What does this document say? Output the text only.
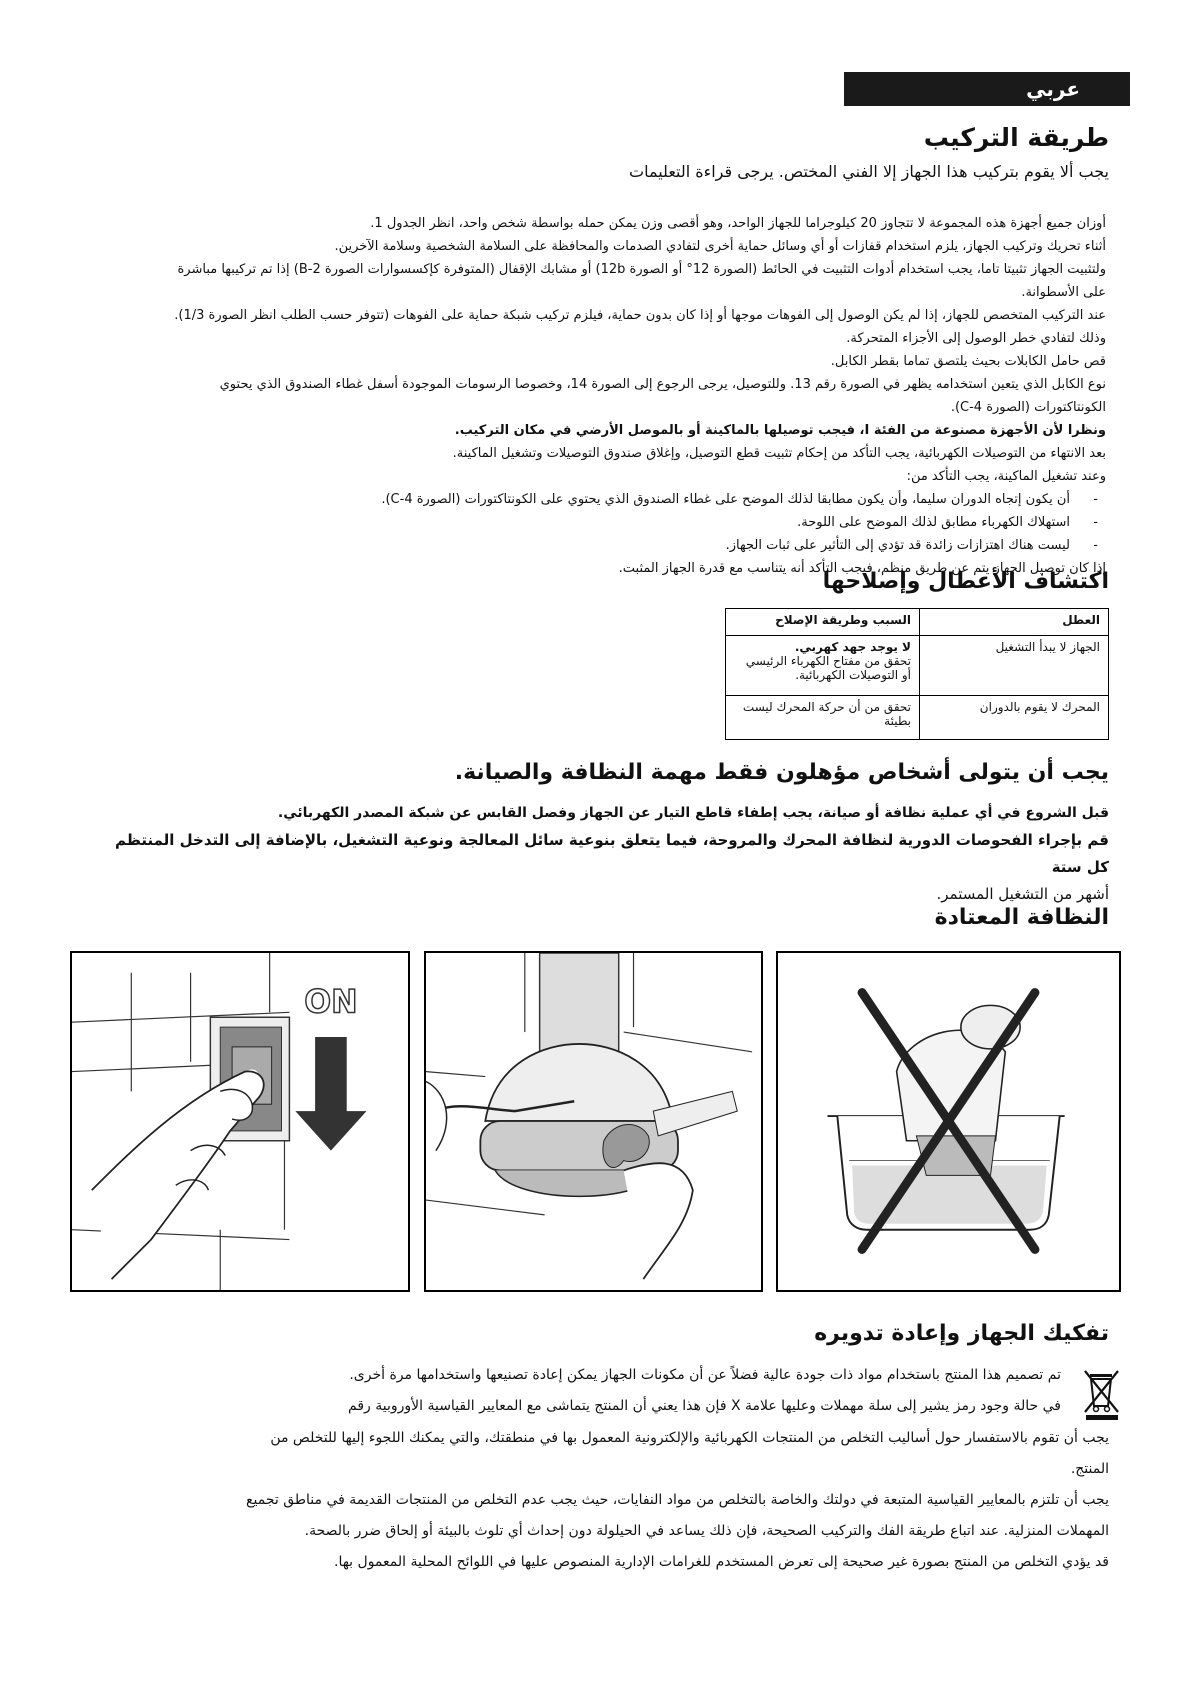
عربي
طريقة التركيب
يجب ألا يقوم بتركيب هذا الجهاز إلا الفني المختص. يرجى قراءة التعليمات
أوزان جميع أجهزة هذه المجموعة لا تتجاوز 20 كيلوجراما للجهاز الواحد، وهو أقصى وزن يمكن حمله بواسطة شخص واحد، انظر الجدول 1.
أثناء تحريك وتركيب الجهاز، يلزم استخدام قفازات أو أي وسائل حماية أخرى لتفادي الصدمات والمحافظة على السلامة الشخصية وسلامة الآخرين.
ولتثبيت الجهاز تثبيتا تاما، يجب استخدام أدوات التثبيت في الحائط (الصورة 12° أو الصورة 12b) أو مشابك الإقفال (المتوفرة كإكسسوارات الصورة B-2) إذا تم تركيبها مباشرة
على الأسطوانة.
عند التركيب المتخصص للجهاز، إذا لم يكن الوصول إلى الفوهات موجها أو إذا كان بدون حماية، فيلزم تركيب شبكة حماية على الفوهات (تتوفر حسب الطلب انظر الصورة 1/3).
وذلك لتفادي خطر الوصول إلى الأجزاء المتحركة.
قص حامل الكابلات بحيث يلتصق تماما بقطر الكابل.
نوع الكابل الذي يتعين استخدامه يظهر في الصورة رقم 13. وللتوصيل، يرجى الرجوع إلى الصورة 14، وخصوصا الرسومات الموجودة أسفل غطاء الصندوق الذي يحتوي
الكونتاكتورات (الصورة C-4).
ونظرا لأن الأجهزة مصنوعة من الفئة I، فيجب توصيلها بالماكينة أو بالموصل الأرضي في مكان التركيب.
بعد الانتهاء من التوصيلات الكهربائية، يجب التأكد من إحكام تثبيت قطع التوصيل، وإغلاق صندوق التوصيلات وتشغيل الماكينة.
وعند تشغيل الماكينة، يجب التأكد من:
- أن يكون إتجاه الدوران سليما، وأن يكون مطابقا لذلك الموضح على غطاء الصندوق الذي يحتوي على الكونتاكتورات (الصورة C-4).
- استهلاك الكهرباء مطابق لذلك الموضح على اللوحة.
- ليست هناك اهتزازات زائدة قد تؤدي إلى التأثير على ثبات الجهاز.
إذا كان توصيل الجهاز يتم عن طريق منظم، فيجب التأكد أنه يتناسب مع قدرة الجهاز المثبت.
اكتشاف الأعطال وإصلاحها
العطل	السبب وطريقة الإصلاح
الجهاز لا يبدأ التشغيل	لا يوجد جهد كهربي.
تحقق من مفتاح الكهرباء الرئيسي أو التوصيلات الكهربائية.

المحرك لا يقوم بالدوران	تحقق من أن حركة المحرك ليست بطيئة
يجب أن يتولى أشخاص مؤهلون فقط مهمة النظافة والصيانة.
قبل الشروع في أي عملية نظافة أو صيانة، يجب إطفاء قاطع التيار عن الجهاز وفصل القابس عن شبكة المصدر الكهربائي.
قم بإجراء الفحوصات الدورية لنظافة المحرك والمروحة، فيما يتعلق بنوعية سائل المعالجة ونوعية التشغيل، بالإضافة إلى التدخل المنتظم كل ستة
أشهر من التشغيل المستمر.
النظافة المعتادة
ON
تفكيك الجهاز وإعادة تدويره
تم تصميم هذا المنتج باستخدام مواد ذات جودة عالية فضلاً عن أن مكونات الجهاز يمكن إعادة تصنيعها واستخدامها مرة أخرى.
في حالة وجود رمز يشير إلى سلة مهملات وعليها علامة X فإن هذا يعني أن المنتج يتماشى مع المعايير القياسية الأوروبية رقم
يجب أن تقوم بالاستفسار حول أساليب التخلص من المنتجات الكهربائية والإلكترونية المعمول بها في منطقتك، والتي يمكنك اللجوء إليها للتخلص من
المنتج.
يجب أن تلتزم بالمعايير القياسية المتبعة في دولتك والخاصة بالتخلص من مواد النفايات، حيث يجب عدم التخلص من المنتجات القديمة في مناطق تجميع
المهملات المنزلية. عند اتباع طريقة الفك والتركيب الصحيحة، فإن ذلك يساعد في الحيلولة دون إحداث أي تلوث بالبيئة أو إلحاق ضرر بالصحة.
قد يؤدي التخلص من المنتج بصورة غير صحيحة إلى تعرض المستخدم للغرامات الإدارية المنصوص عليها في اللوائح المحلية المعمول بها.
